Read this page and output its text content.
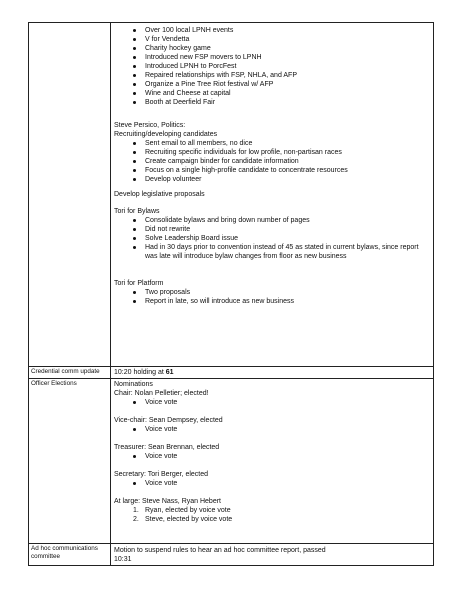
Over 100 local LPNH events
V for Vendetta
Charity hockey game
Introduced new FSP movers to LPNH
Introduced LPNH to PorcFest
Repaired relationships with FSP, NHLA, and AFP
Organize a Pine Tree Riot festival w/ AFP
Wine and Cheese at capital
Booth at Deerfield Fair

Steve Persico, Politics:

Recruiting/developing candidates

Sent email to all members, no dice
Recruiting specific individuals for low profile, non-partisan races
Create campaign binder for candidate information
Focus on a single high-profile candidate to concentrate resources
Develop volunteer

Develop legislative proposals

Tori for Bylaws

Consolidate bylaws and bring down number of pages
Did not rewrite
Solve Leadership Board issue
Had in 30 days prior to convention instead of 45 as stated in current bylaws, since report was late will introduce bylaw changes from floor as new business

Tori for Platform

Two proposals
Report in late, so will introduce as new business
Credential comm update	10:20 holding at 61
Officer Elections	Nominations

Chair: Nolan Pelletier; elected!

Voice vote

Vice-chair: Sean Dempsey, elected

Voice vote

Treasurer: Sean Brennan, elected

Voice vote

Secretary: Tori Berger, elected

Voice vote

At large: Steve Nass, Ryan Hebert

1. Ryan, elected by voice vote
2. Steve, elected by voice vote
Ad hoc communications committee

Motion to suspend rules to hear an ad hoc committee report, passed

10:31
